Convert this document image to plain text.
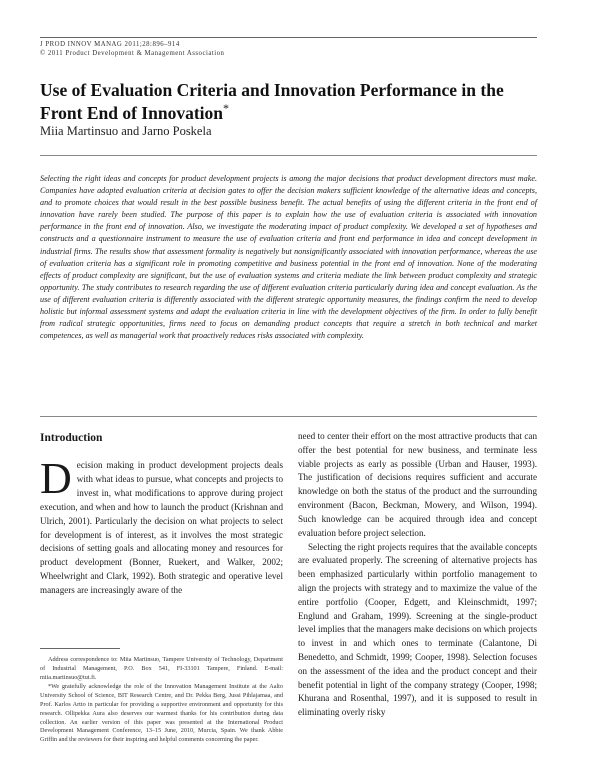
J PROD INNOV MANAG 2011;28:896–914
© 2011 Product Development & Management Association
Use of Evaluation Criteria and Innovation Performance in the Front End of Innovation*
Miia Martinsuo and Jarno Poskela

Selecting the right ideas and concepts for product development projects is among the major decisions that product development directors must make. Companies have adopted evaluation criteria at decision gates to offer the decision makers sufficient knowledge of the alternative ideas and concepts, and to promote choices that would result in the best possible business benefit. The actual benefits of using the different criteria in the front end of innovation have rarely been studied. The purpose of this paper is to explain how the use of evaluation criteria is associated with innovation performance in the front end of innovation. Also, we investigate the moderating impact of product complexity. We developed a set of hypotheses and constructs and a questionnaire instrument to measure the use of evaluation criteria and front end performance in idea and concept development in industrial firms. The results show that assessment formality is negatively but nonsignificantly associated with innovation performance, whereas the use of evaluation criteria has a significant role in promoting competitive and business potential in the front end of innovation. None of the moderating effects of product complexity are significant, but the use of evaluation systems and criteria mediate the link between product complexity and strategic opportunity. The study contributes to research regarding the use of different evaluation criteria particularly during idea and concept evaluation. As the use of different evaluation criteria is differently associated with the different strategic opportunity measures, the findings confirm the need to develop holistic but informal assessment systems and adapt the evaluation criteria in line with the development objectives of the firm. In order to fully benefit from radical strategic opportunities, firms need to focus on demanding product concepts that require a stretch in both technical and market competences, as well as managerial work that proactively reduces risks associated with complexity.

Introduction

Decision making in product development projects deals with what ideas to pursue, what concepts and projects to invest in, what modifications to approve during project execution, and when and how to launch the product (Krishnan and Ulrich, 2001). Particularly the decision on what projects to select for development is of interest, as it involves the most strategic decisions of setting goals and allocating money and resources for product development (Bonner, Ruekert, and Walker, 2002; Wheelwright and Clark, 1992). Both strategic and operative level managers are increasingly aware of the

need to center their effort on the most attractive products that can offer the best potential for new business, and terminate less viable projects as early as possible (Urban and Hauser, 1993). The justification of decisions requires sufficient and accurate knowledge on both the status of the product and the surrounding environment (Bacon, Beckman, Mowery, and Wilson, 1994). Such knowledge can be acquired through idea and concept evaluation before project selection.

Selecting the right projects requires that the available concepts are evaluated properly. The screening of alternative projects has been emphasized particularly within portfolio management to align the projects with strategy and to maximize the value of the entire portfolio (Cooper, Edgett, and Kleinschmidt, 1997; Englund and Graham, 1999). Screening at the single-product level implies that the managers make decisions on which projects to invest in and which ones to terminate (Calantone, Di Benedetto, and Schmidt, 1999; Cooper, 1998). Selection focuses on the assessment of the idea and the product concept and their benefit potential in light of the company strategy (Cooper, 1998; Khurana and Rosenthal, 1997), and it is supposed to result in eliminating overly risky

Address correspondence to: Miia Martinsuo, Tampere University of Technology, Department of Industrial Management, P.O. Box 541, FI-33101 Tampere, Finland. E-mail: miia.martinsuo@tut.fi.

*We gratefully acknowledge the role of the Innovation Management Institute at the Aalto University School of Science, BIT Research Centre, and Dr. Pekka Berg, Jussi Pihlajamaa, and Prof. Karlos Artto in particular for providing a supportive environment and opportunity for this research. Ollipekka Aura also deserves our warmest thanks for his contribution during data collection. An earlier version of this paper was presented at the International Product Development Management Conference, 13–15 June, 2010, Murcia, Spain. We thank Abbie Griffin and the reviewers for their inspiring and helpful comments concerning the paper.
